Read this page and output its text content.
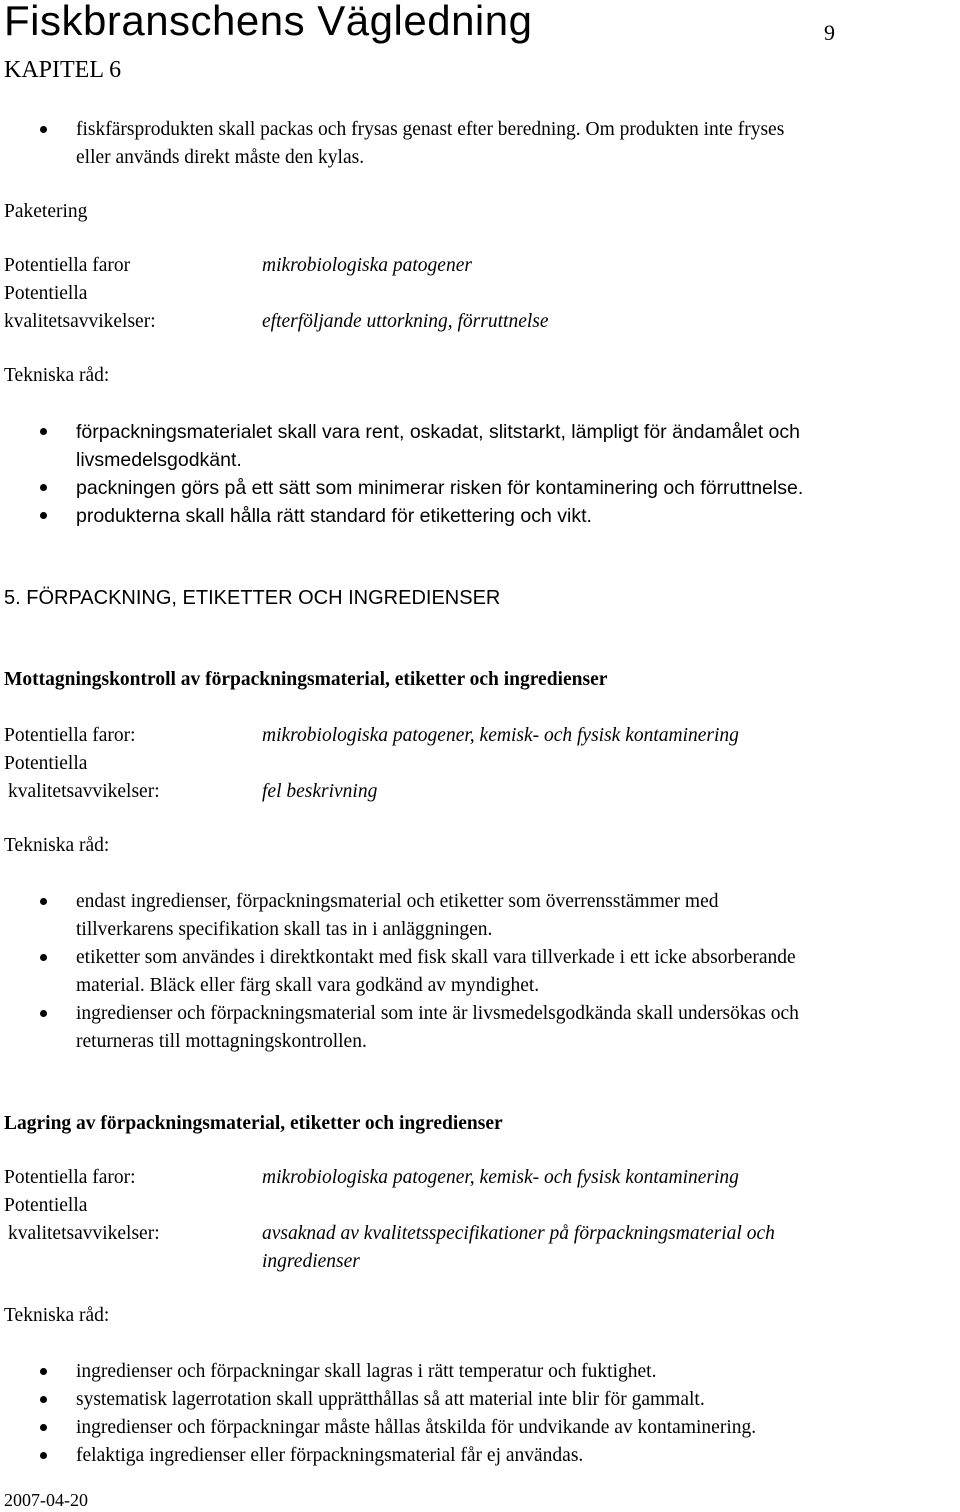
Fiskbranschens Vägledning	9
KAPITEL 6
fiskfärsprodukten skall packas och frysas genast efter beredning. Om produkten inte fryses
eller används direkt måste den kylas.
Paketering
Potentiella faror	mikrobiologiska patogener
Potentiella
kvalitetsavvikelser:	efterföljande uttorkning, förruttnelse
Tekniska råd:
förpackningsmaterialet skall vara rent, oskadat, slitstarkt, lämpligt för ändamålet och
livsmedelsgodkänt.
packningen görs på ett sätt som minimerar risken för kontaminering och förruttnelse.
produkterna skall hålla rätt standard för etikettering och vikt.
5. FÖRPACKNING, ETIKETTER OCH INGREDIENSER
Mottagningskontroll av förpackningsmaterial, etiketter och ingredienser
Potentiella faror:	mikrobiologiska patogener, kemisk- och fysisk kontaminering
Potentiella
kvalitetsavvikelser:	fel beskrivning
Tekniska råd:
endast ingredienser, förpackningsmaterial och etiketter som överrensstämmer med
tillverkarens specifikation skall tas in i anläggningen.
etiketter som användes i direktkontakt med fisk skall vara tillverkade i ett icke absorberande
material. Bläck eller färg skall vara godkänd av myndighet.
ingredienser och förpackningsmaterial som inte är livsmedelsgodkända skall undersökas och
returneras till mottagningskontrollen.
Lagring av förpackningsmaterial, etiketter och ingredienser
Potentiella faror:	mikrobiologiska patogener, kemisk- och fysisk kontaminering
Potentiella
kvalitetsavvikelser:	avsaknad av kvalitetsspecifikationer på förpackningsmaterial och
ingredienser
Tekniska råd:
ingredienser och förpackningar skall lagras i rätt temperatur och fuktighet.
systematisk lagerrotation skall upprätthållas så att material inte blir för gammalt.
ingredienser och förpackningar måste hållas åtskilda för undvikande av kontaminering.
felaktiga ingredienser eller förpackningsmaterial får ej användas.
2007-04-20
